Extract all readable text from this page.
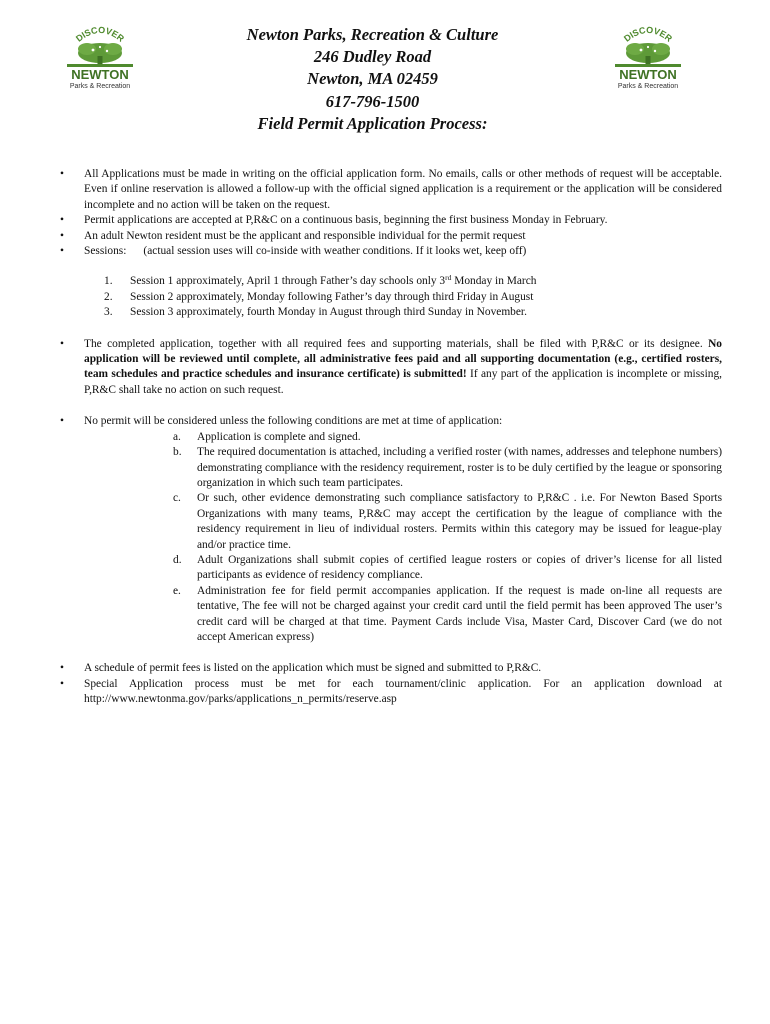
DISCOVER
NEWTON
Parks & Recreation
DISCOVER
NEWTON
Parks & Recreation
Newton Parks, Recreation & Culture
246 Dudley Road
Newton, MA 02459
617-796-1500
Field Permit Application Process:
• All Applications must be made in writing on the official application form. No emails, calls or other methods of request will be acceptable. Even if online reservation is allowed a follow-up with the official signed application is a requirement or the application will be considered incomplete and no action will be taken on the request.
• Permit applications are accepted at P,R&C on a continuous basis, beginning the first business Monday in February.
• An adult Newton resident must be the applicant and responsible individual for the permit request
• Sessions: (actual session uses will co-inside with weather conditions. If it looks wet, keep off)
1. Session 1 approximately, April 1 through Father’s day schools only 3rd Monday in March
2. Session 2 approximately, Monday following Father’s day through third Friday in August
3. Session 3 approximately, fourth Monday in August through third Sunday in November.
• The completed application, together with all required fees and supporting materials, shall be filed with P,R&C or its designee. No application will be reviewed until complete, all administrative fees paid and all supporting documentation (e.g., certified rosters, team schedules and practice schedules and insurance certificate) is submitted! If any part of the application is incomplete or missing, P,R&C shall take no action on such request.
• No permit will be considered unless the following conditions are met at time of application:
a. Application is complete and signed.
b. The required documentation is attached, including a verified roster (with names, addresses and telephone numbers) demonstrating compliance with the residency requirement, roster is to be duly certified by the league or sponsoring organization in which such team participates.
c. Or such, other evidence demonstrating such compliance satisfactory to P,R&C . i.e. For Newton Based Sports Organizations with many teams, P,R&C may accept the certification by the league of compliance with the residency requirement in lieu of individual rosters. Permits within this category may be issued for league-play and/or practice time.
d. Adult Organizations shall submit copies of certified league rosters or copies of driver’s license for all listed participants as evidence of residency compliance.
e. Administration fee for field permit accompanies application. If the request is made on-line all requests are tentative, The fee will not be charged against your credit card until the field permit has been approved The user’s credit card will be charged at that time. Payment Cards include Visa, Master Card, Discover Card (we do not accept American express)
• A schedule of permit fees is listed on the application which must be signed and submitted to P,R&C.
• Special Application process must be met for each tournament/clinic application. For an application download at http://www.newtonma.gov/parks/applications_n_permits/reserve.asp
